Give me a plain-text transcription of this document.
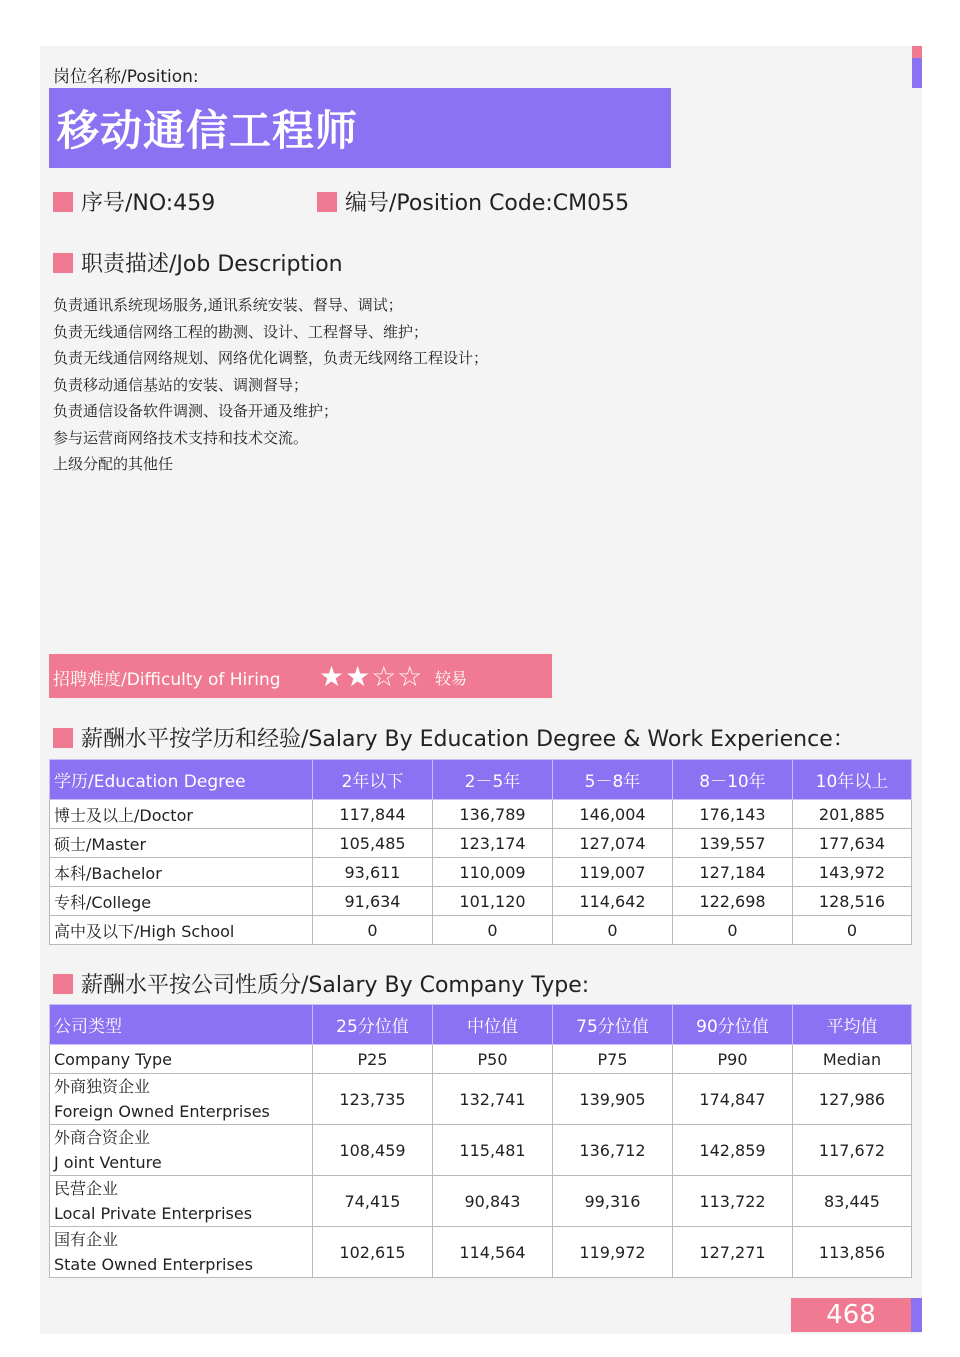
岗位名称/Position:
移动通信工程师
序号/NO:459	编号/Position Code:CM055
职责描述/Job Description
负责通讯系统现场服务,通讯系统安装、督导、调试；
负责无线通信网络工程的勘测、设计、工程督导、维护；
负责无线通信网络规划、网络优化调整，负责无线网络工程设计；
负责移动通信基站的安装、调测督导；
负责通信设备软件调测、设备开通及维护；
参与运营商网络技术支持和技术交流。
上级分配的其他任
招聘难度/Difficulty of Hiring ★★☆☆ 较易
薪酬水平按学历和经验/Salary By Education Degree & Work Experience：
学历/Education Degree	2年以下	2－5年	5－8年	8－10年	10年以上
博士及以上/Doctor	117,844	136,789	146,004	176,143	201,885
硕士/Master	105,485	123,174	127,074	139,557	177,634
本科/Bachelor	93,611	110,009	119,007	127,184	143,972
专科/College	91,634	101,120	114,642	122,698	128,516
高中及以下/High School	0	0	0	0	0
薪酬水平按公司性质分/Salary By Company Type:
公司类型	25分位值	中位值	75分位值	90分位值	平均值
Company Type	P25	P50	P75	P90	Median

外商独资企业
Foreign Owned Enterprises	123,735	132,741	139,905	174,847	127,986

外商合资企业
J oint Venture	108,459	115,481	136,712	142,859	117,672

民营企业
Local Private Enterprises	74,415	90,843	99,316	113,722	83,445

国有企业
State Owned Enterprises	102,615	114,564	119,972	127,271	113,856
468
